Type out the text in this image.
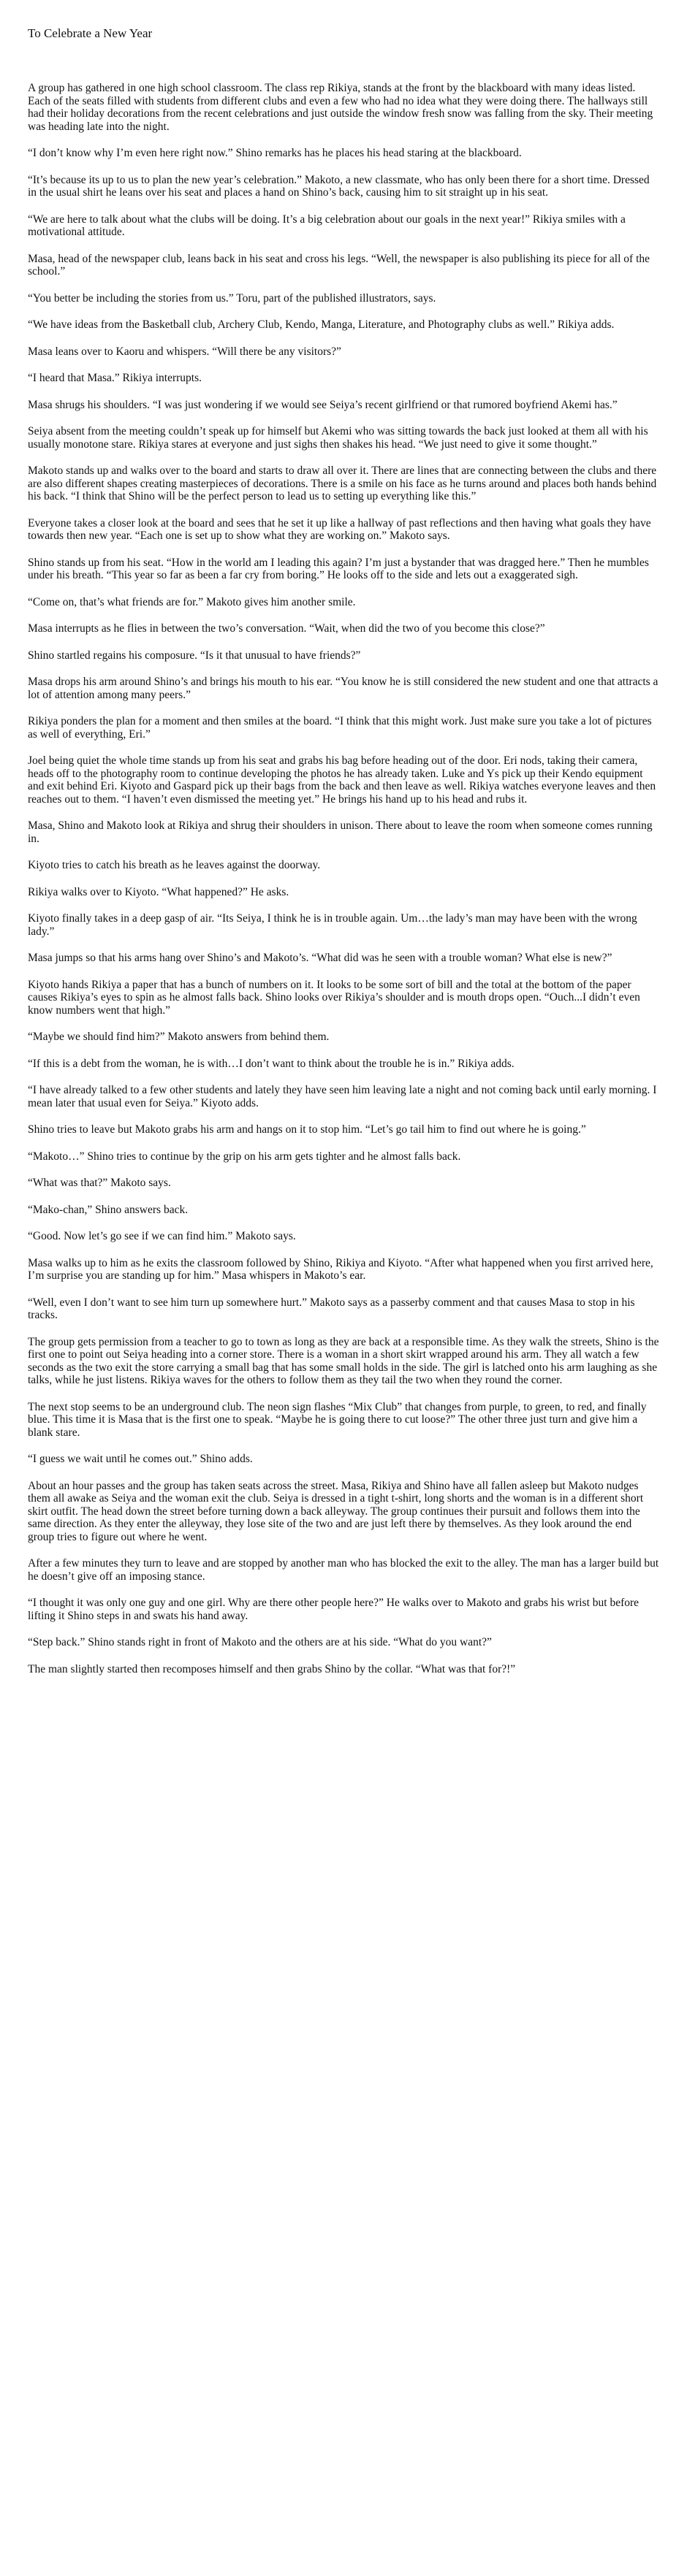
To Celebrate a New Year

A group has gathered in one high school classroom. The class rep Rikiya, stands at the front by the blackboard with many ideas listed. Each of the seats filled with students from different clubs and even a few who had no idea what they were doing there. The hallways still had their holiday decorations from the recent celebrations and just outside the window fresh snow was falling from the sky. Their meeting was heading late into the night.

“I don’t know why I’m even here right now.” Shino remarks has he places his head staring at the blackboard.

“It’s because its up to us to plan the new year’s celebration.” Makoto, a new classmate, who has only been there for a short time. Dressed in the usual shirt he leans over his seat and places a hand on Shino’s back, causing him to sit straight up in his seat.

“We are here to talk about what the clubs will be doing. It’s a big celebration about our goals in the next year!” Rikiya smiles with a motivational attitude.

Masa, head of the newspaper club, leans back in his seat and cross his legs. “Well, the newspaper is also publishing its piece for all of the school.”

“You better be including the stories from us.” Toru, part of the published illustrators, says.

“We have ideas from the Basketball club, Archery Club, Kendo, Manga, Literature, and Photography clubs as well.” Rikiya adds.

Masa leans over to Kaoru and whispers. “Will there be any visitors?”

“I heard that Masa.” Rikiya interrupts.

Masa shrugs his shoulders. “I was just wondering if we would see Seiya’s recent girlfriend or that rumored boyfriend Akemi has.”

Seiya absent from the meeting couldn’t speak up for himself but Akemi who was sitting towards the back just looked at them all with his usually monotone stare. Rikiya stares at everyone and just sighs then shakes his head. “We just need to give it some thought.”

Makoto stands up and walks over to the board and starts to draw all over it. There are lines that are connecting between the clubs and there are also different shapes creating masterpieces of decorations. There is a smile on his face as he turns around and places both hands behind his back. “I think that Shino will be the perfect person to lead us to setting up everything like this.”

Everyone takes a closer look at the board and sees that he set it up like a hallway of past reflections and then having what goals they have towards then new year. “Each one is set up to show what they are working on.” Makoto says.

Shino stands up from his seat. “How in the world am I leading this again? I’m just a bystander that was dragged here.” Then he mumbles under his breath. “This year so far as been a far cry from boring.” He looks off to the side and lets out a exaggerated sigh.

“Come on, that’s what friends are for.” Makoto gives him another smile.

Masa interrupts as he flies in between the two’s conversation. “Wait, when did the two of you become this close?”

Shino startled regains his composure. “Is it that unusual to have friends?”

Masa drops his arm around Shino’s and brings his mouth to his ear. “You know he is still considered the new student and one that attracts a lot of attention among many peers.”

Rikiya ponders the plan for a moment and then smiles at the board. “I think that this might work. Just make sure you take a lot of pictures as well of everything, Eri.”

Joel being quiet the whole time stands up from his seat and grabs his bag before heading out of the door. Eri nods, taking their camera, heads off to the photography room to continue developing the photos he has already taken. Luke and Ys pick up their Kendo equipment and exit behind Eri. Kiyoto and Gaspard pick up their bags from the back and then leave as well. Rikiya watches everyone leaves and then reaches out to them. “I haven’t even dismissed the meeting yet.” He brings his hand up to his head and rubs it.

Masa, Shino and Makoto look at Rikiya and shrug their shoulders in unison. There about to leave the room when someone comes running in.

Kiyoto tries to catch his breath as he leaves against the doorway.

Rikiya walks over to Kiyoto. “What happened?” He asks.

Kiyoto finally takes in a deep gasp of air. “Its Seiya, I think he is in trouble again. Um…the lady’s man may have been with the wrong lady.”

Masa jumps so that his arms hang over Shino’s and Makoto’s. “What did was he seen with a trouble woman? What else is new?”

Kiyoto hands Rikiya a paper that has a bunch of numbers on it. It looks to be some sort of bill and the total at the bottom of the paper causes Rikiya’s eyes to spin as he almost falls back. Shino looks over Rikiya’s shoulder and is mouth drops open. “Ouch...I didn’t even know numbers went that high.”

“Maybe we should find him?” Makoto answers from behind them.

“If this is a debt from the woman, he is with…I don’t want to think about the trouble he is in.” Rikiya adds.

“I have already talked to a few other students and lately they have seen him leaving late a night and not coming back until early morning. I mean later that usual even for Seiya.” Kiyoto adds.

Shino tries to leave but Makoto grabs his arm and hangs on it to stop him. “Let’s go tail him to find out where he is going.”

“Makoto…” Shino tries to continue by the grip on his arm gets tighter and he almost falls back.

“What was that?” Makoto says.

“Mako-chan,” Shino answers back.

“Good. Now let’s go see if we can find him.” Makoto says.

Masa walks up to him as he exits the classroom followed by Shino, Rikiya and Kiyoto. “After what happened when you first arrived here, I’m surprise you are standing up for him.” Masa whispers in Makoto’s ear.

“Well, even I don’t want to see him turn up somewhere hurt.” Makoto says as a passerby comment and that causes Masa to stop in his tracks.

The group gets permission from a teacher to go to town as long as they are back at a responsible time. As they walk the streets, Shino is the first one to point out Seiya heading into a corner store. There is a woman in a short skirt wrapped around his arm. They all watch a few seconds as the two exit the store carrying a small bag that has some small holds in the side. The girl is latched onto his arm laughing as she talks, while he just listens. Rikiya waves for the others to follow them as they tail the two when they round the corner.

The next stop seems to be an underground club. The neon sign flashes “Mix Club” that changes from purple, to green, to red, and finally blue. This time it is Masa that is the first one to speak. “Maybe he is going there to cut loose?” The other three just turn and give him a blank stare.

“I guess we wait until he comes out.” Shino adds.

About an hour passes and the group has taken seats across the street. Masa, Rikiya and Shino have all fallen asleep but Makoto nudges them all awake as Seiya and the woman exit the club. Seiya is dressed in a tight t-shirt, long shorts and the woman is in a different short skirt outfit. The head down the street before turning down a back alleyway. The group continues their pursuit and follows them into the same direction. As they enter the alleyway, they lose site of the two and are just left there by themselves. As they look around the end group tries to figure out where he went.

After a few minutes they turn to leave and are stopped by another man who has blocked the exit to the alley. The man has a larger build but he doesn’t give off an imposing stance.

“I thought it was only one guy and one girl. Why are there other people here?” He walks over to Makoto and grabs his wrist but before lifting it Shino steps in and swats his hand away.

“Step back.” Shino stands right in front of Makoto and the others are at his side. “What do you want?”

The man slightly started then recomposes himself and then grabs Shino by the collar. “What was that for?!”
